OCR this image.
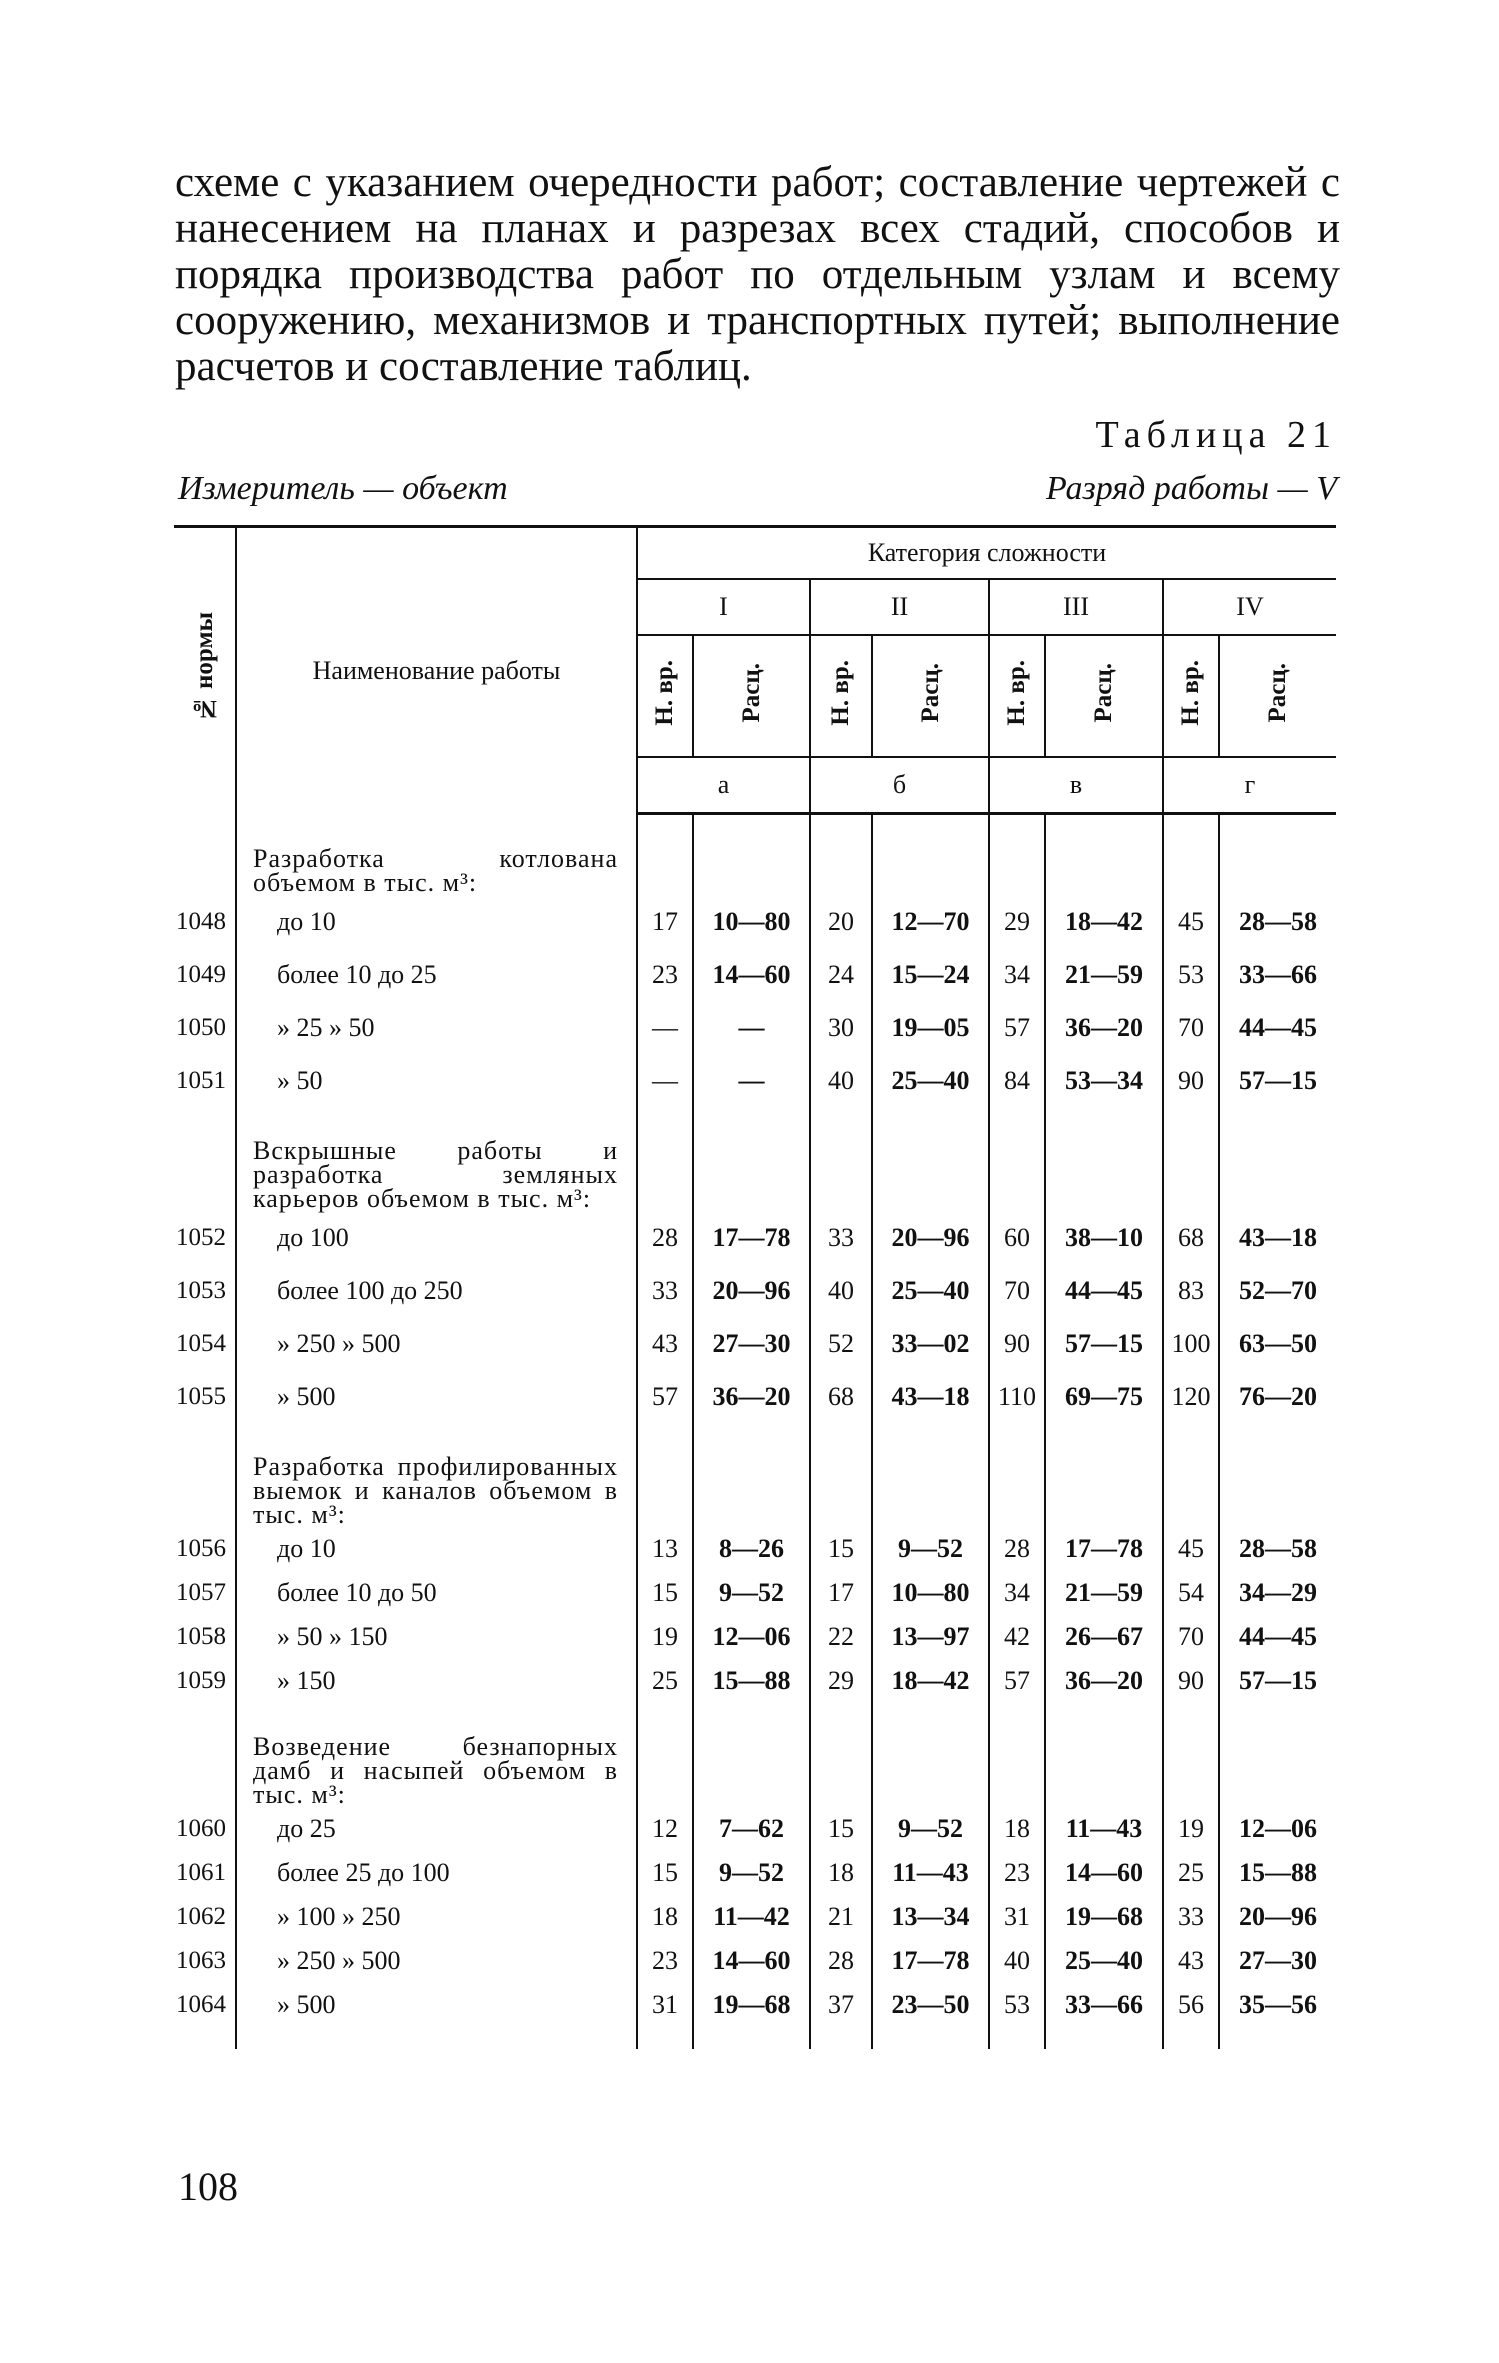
схеме с указанием очередности работ; составление чертежей с нанесением на планах и разрезах всех стадий, способов и порядка производства работ по отдельным узлам и всему сооружению, механизмов и транспортных путей; выполнение расчетов и составление таблиц.

Таблица 21
Измеритель — объект	Разряд работы — V
№ нормы	Наименование работы	Категория сложности							
		I		II		III		IV	
		Н. вр.	Расц.	Н. вр.	Расц.	Н. вр.	Расц.	Н. вр.	Расц.
		а		б		в		г	

	Разработка котлована объемом в тыс. м³:								
1048	до 10	17	10—80	20	12—70	29	18—42	45	28—58
1049	более 10 до 25	23	14—60	24	15—24	34	21—59	53	33—66
1050	» 25 » 50	—	—	30	19—05	57	36—20	70	44—45
1051	» 50	—	—	40	25—40	84	53—34	90	57—15

	Вскрышные работы и разработка земляных карьеров объемом в тыс. м³:								
1052	до 100	28	17—78	33	20—96	60	38—10	68	43—18
1053	более 100 до 250	33	20—96	40	25—40	70	44—45	83	52—70
1054	» 250 » 500	43	27—30	52	33—02	90	57—15	100	63—50
1055	» 500	57	36—20	68	43—18	110	69—75	120	76—20

	Разработка профилированных выемок и каналов объемом в тыс. м³:								
1056	до 10	13	8—26	15	9—52	28	17—78	45	28—58
1057	более 10 до 50	15	9—52	17	10—80	34	21—59	54	34—29
1058	» 50 » 150	19	12—06	22	13—97	42	26—67	70	44—45
1059	» 150	25	15—88	29	18—42	57	36—20	90	57—15

	Возведение безнапорных дамб и насыпей объемом в тыс. м³:								
1060	до 25	12	7—62	15	9—52	18	11—43	19	12—06
1061	более 25 до 100	15	9—52	18	11—43	23	14—60	25	15—88
1062	» 100 » 250	18	11—42	21	13—34	31	19—68	33	20—96
1063	» 250 » 500	23	14—60	28	17—78	40	25—40	43	27—30
1064	» 500	31	19—68	37	23—50	53	33—66	56	35—56

108
